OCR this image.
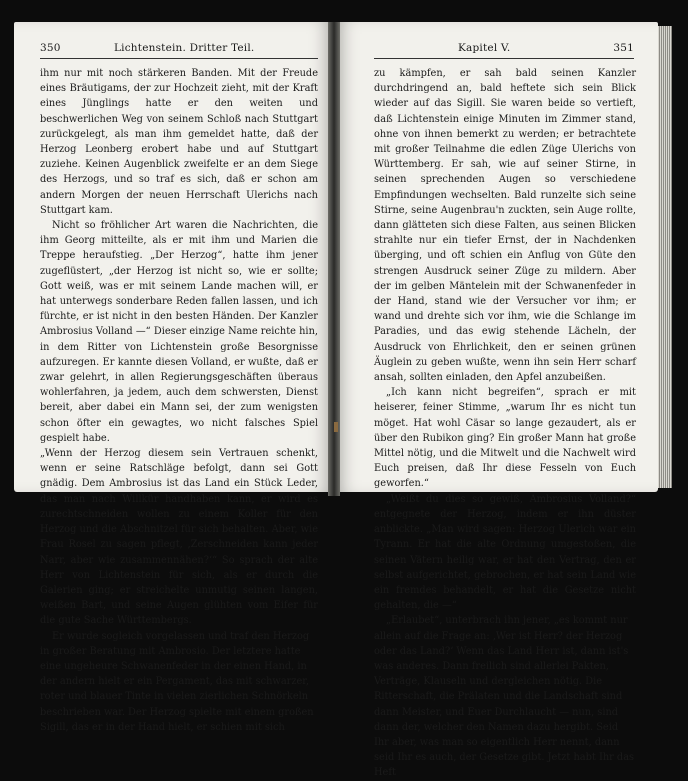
350	Lichtenstein. Dritter Teil.

ihm nur mit noch stärkeren Banden. Mit der Freude eines Bräutigams, der zur Hochzeit zieht, mit der Kraft eines Jünglings hatte er den weiten und beschwerlichen Weg von seinem Schloß nach Stuttgart zurückgelegt, als man ihm gemeldet hatte, daß der Herzog Leonberg erobert habe und auf Stuttgart zuziehe. Keinen Augenblick zweifelte er an dem Siege des Herzogs, und so traf es sich, daß er schon am andern Morgen der neuen Herrschaft Ulerichs nach Stuttgart kam.

Nicht so fröhlicher Art waren die Nachrichten, die ihm Georg mitteilte, als er mit ihm und Marien die Treppe heraufstieg. „Der Herzog“, hatte ihm jener zugeflüstert, „der Herzog ist nicht so, wie er sollte; Gott weiß, was er mit seinem Lande machen will, er hat unterwegs sonderbare Reden fallen lassen, und ich fürchte, er ist nicht in den besten Händen. Der Kanzler Ambrosius Volland —“ Dieser einzige Name reichte hin, in dem Ritter von Lichtenstein große Besorgnisse aufzuregen. Er kannte diesen Volland, er wußte, daß er zwar gelehrt, in allen Regierungsgeschäften überaus wohlerfahren, ja jedem, auch dem schwersten, Dienst bereit, aber dabei ein Mann sei, der zum wenigsten schon öfter ein gewagtes, wo nicht falsches Spiel gespielt habe.

„Wenn der Herzog diesem sein Vertrauen schenkt, wenn er seine Ratschläge befolgt, dann sei Gott gnädig. Dem Ambrosius ist das Land ein Stück Leder, das man nach Willkür handhaben kann, er wird es zurechtschneiden wollen zu einem Koller für den Herzog und die Abschnitzel für sich behalten. Aber, wie Frau Rosel zu sagen pflegt, ‚Zerschneiden kann jeder Narr, aber wie zusammennähen?‘“ So sprach der alte Herr von Lichtenstein für sich, als er durch die Galerien ging; er streichelte unmutig seinen langen, weißen Bart, und seine Augen glühten vom Eifer für die gute Sache Württembergs.

Er wurde sogleich vorgelassen und traf den Herzog in großer Beratung mit Ambrosio. Der letztere hatte eine ungeheure Schwanenfeder in der einen Hand, in der andern hielt er ein Pergament, das mit schwarzer, roter und blauer Tinte in vielen zierlichen Schnörkeln beschrieben war. Der Herzog spielte mit einem großen Sigill, das er in der Hand hielt, er schien mit sich

Kapitel V.	351

zu kämpfen, er sah bald seinen Kanzler durchdringend an, bald heftete sich sein Blick wieder auf das Sigill. Sie waren beide so vertieft, daß Lichtenstein einige Minuten im Zimmer stand, ohne von ihnen bemerkt zu werden; er betrachtete mit großer Teilnahme die edlen Züge Ulerichs von Württemberg. Er sah, wie auf seiner Stirne, in seinen sprechenden Augen so verschiedene Empfindungen wechselten. Bald runzelte sich seine Stirne, seine Augenbrau'n zuckten, sein Auge rollte, dann glätteten sich diese Falten, aus seinen Blicken strahlte nur ein tiefer Ernst, der in Nachdenken überging, und oft schien ein Anflug von Güte den strengen Ausdruck seiner Züge zu mildern. Aber der im gelben Mäntelein mit der Schwanenfeder in der Hand, stand wie der Versucher vor ihm; er wand und drehte sich vor ihm, wie die Schlange im Paradies, und das ewig stehende Lächeln, der Ausdruck von Ehrlichkeit, den er seinen grünen Äuglein zu geben wußte, wenn ihn sein Herr scharf ansah, sollten einladen, den Apfel anzubeißen.

„Ich kann nicht begreifen“, sprach er mit heiserer, feiner Stimme, „warum Ihr es nicht tun möget. Hat wohl Cäsar so lange gezaudert, als er über den Rubikon ging? Ein großer Mann hat große Mittel nötig, und die Mitwelt und die Nachwelt wird Euch preisen, daß Ihr diese Fesseln von Euch geworfen.“

„Weißt du dies so gewiß, Ambrosius Volland?“ entgegnete der Herzog, indem er ihn düster anblickte. „Man wird sagen: Herzog Ulerich war ein Tyrann. Er hat die alte Ordnung umgestoßen, die seinen Vätern heilig war, er hat den Vertrag, den er selbst aufgerichtet, gebrochen, er hat sein Land wie ein fremdes behandelt, er hat die Gesetze nicht gehalten, die —“

„Erlaubet“, unterbrach ihn jener, „es kommt nur allein auf die Frage an: ‚Wer ist Herr? der Herzog oder das Land?‘ Wenn das Land Herr ist, dann ist's was anderes. Dann freilich sind allerlei Pakten, Verträge, Klauseln und dergleichen nötig. Die Ritterschaft, die Prälaten und die Landschaft sind dann Meister, und Euer Durchlaucht — nun, sind dann der, welcher den Namen dazu hergibt. Seid Ihr aber, was man so eigentlich Herr nennt, dann seid Ihr es auch, der Gesetze gibt. Jetzt habt Ihr das Heft
